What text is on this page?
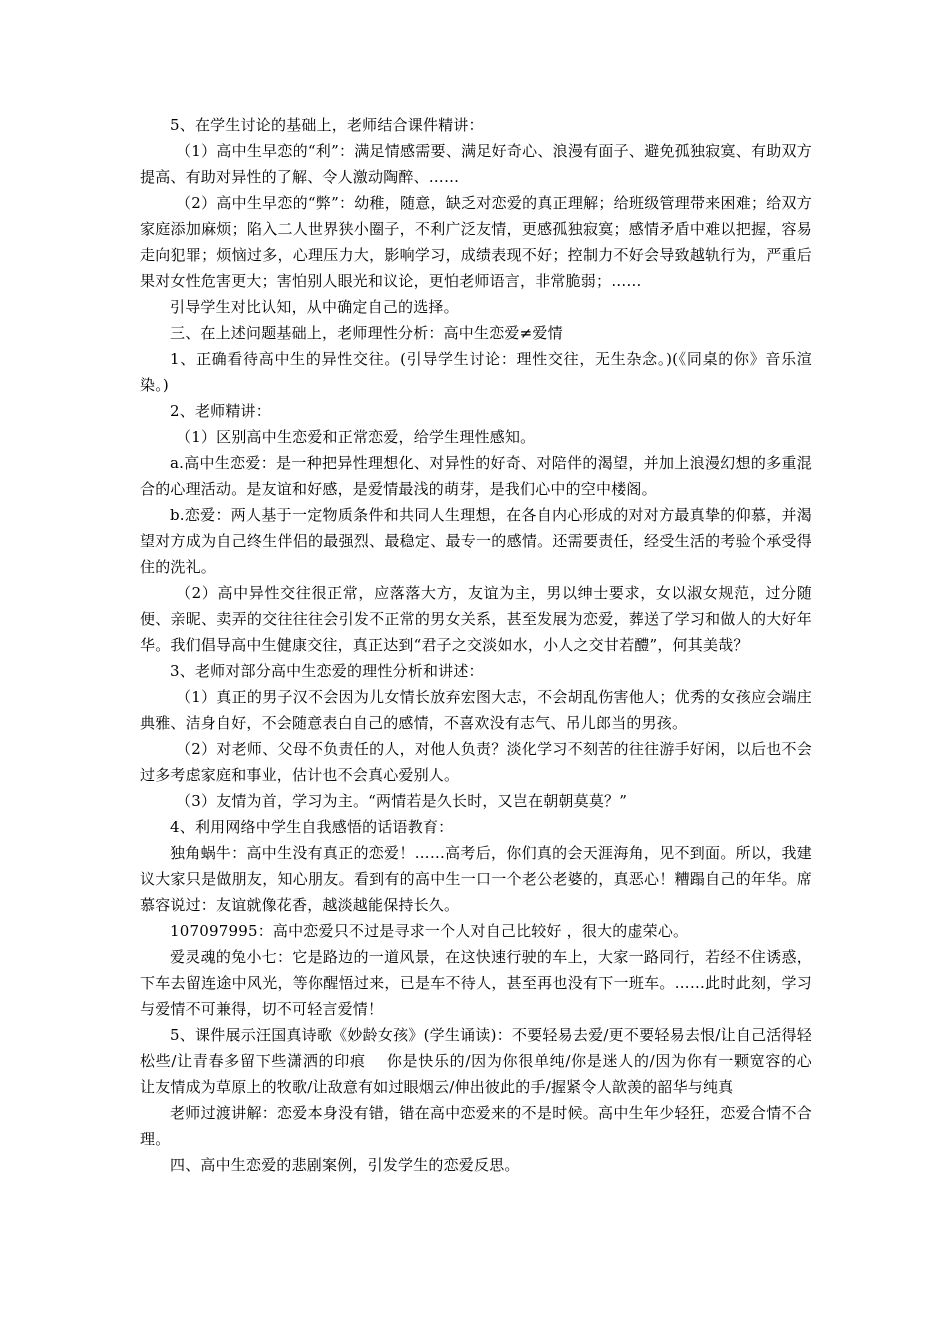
5、在学生讨论的基础上，老师结合课件精讲：

（1）高中生早恋的“利”：满足情感需要、满足好奇心、浪漫有面子、避免孤独寂寞、有助双方提高、有助对异性的了解、令人激动陶醉、……

（2）高中生早恋的“弊”：幼稚，随意，缺乏对恋爱的真正理解；给班级管理带来困难；给双方家庭添加麻烦；陷入二人世界狭小圈子，不利广泛友情，更感孤独寂寞；感情矛盾中难以把握，容易走向犯罪；烦恼过多，心理压力大，影响学习，成绩表现不好；控制力不好会导致越轨行为，严重后果对女性危害更大；害怕别人眼光和议论，更怕老师语言，非常脆弱；……

引导学生对比认知，从中确定自己的选择。

三、在上述问题基础上，老师理性分析：高中生恋爱≠爱情

1、正确看待高中生的异性交往。(引导学生讨论：理性交往，无生杂念。)(《同桌的你》音乐渲染。)

2、老师精讲：

（1）区别高中生恋爱和正常恋爱，给学生理性感知。

a.高中生恋爱：是一种把异性理想化、对异性的好奇、对陪伴的渴望，并加上浪漫幻想的多重混合的心理活动。是友谊和好感，是爱情最浅的萌芽，是我们心中的空中楼阁。

b.恋爱：两人基于一定物质条件和共同人生理想，在各自内心形成的对对方最真挚的仰慕，并渴望对方成为自己终生伴侣的最强烈、最稳定、最专一的感情。还需要责任，经受生活的考验个承受得住的洗礼。

（2）高中异性交往很正常，应落落大方，友谊为主，男以绅士要求，女以淑女规范，过分随便、亲昵、卖弄的交往往往会引发不正常的男女关系，甚至发展为恋爱，葬送了学习和做人的大好年华。我们倡导高中生健康交往，真正达到“君子之交淡如水，小人之交甘若醴”，何其美哉？

3、老师对部分高中生恋爱的理性分析和讲述：

（1）真正的男子汉不会因为儿女情长放弃宏图大志，不会胡乱伤害他人；优秀的女孩应会端庄典雅、洁身自好，不会随意表白自己的感情，不喜欢没有志气、吊儿郎当的男孩。

（2）对老师、父母不负责任的人，对他人负责？淡化学习不刻苦的往往游手好闲，以后也不会过多考虑家庭和事业，估计也不会真心爱别人。

（3）友情为首，学习为主。“两情若是久长时，又岂在朝朝莫莫？”

4、利用网络中学生自我感悟的话语教育：

独角蜗牛：高中生没有真正的恋爱！……高考后，你们真的会天涯海角，见不到面。所以，我建议大家只是做朋友，知心朋友。看到有的高中生一口一个老公老婆的，真恶心！糟蹋自己的年华。席慕容说过：友谊就像花香，越淡越能保持长久。

107097995：高中恋爱只不过是寻求一个人对自己比较好 ，很大的虚荣心。

爱灵魂的兔小七：它是路边的一道风景，在这快速行驶的车上，大家一路同行，若经不住诱惑，下车去留连途中风光，等你醒悟过来，已是车不待人，甚至再也没有下一班车。……此时此刻，学习与爱情不可兼得，切不可轻言爱情！

5、课件展示汪国真诗歌《妙龄女孩》(学生诵读)：不要轻易去爱/更不要轻易去恨/让自己活得轻松些/让青春多留下些潇洒的印痕　 你是快乐的/因为你很单纯/你是迷人的/因为你有一颗宽容的心　让友情成为草原上的牧歌/让敌意有如过眼烟云/伸出彼此的手/握紧令人歆羡的韶华与纯真

老师过渡讲解：恋爱本身没有错，错在高中恋爱来的不是时候。高中生年少轻狂，恋爱合情不合理。

四、高中生恋爱的悲剧案例，引发学生的恋爱反思。
